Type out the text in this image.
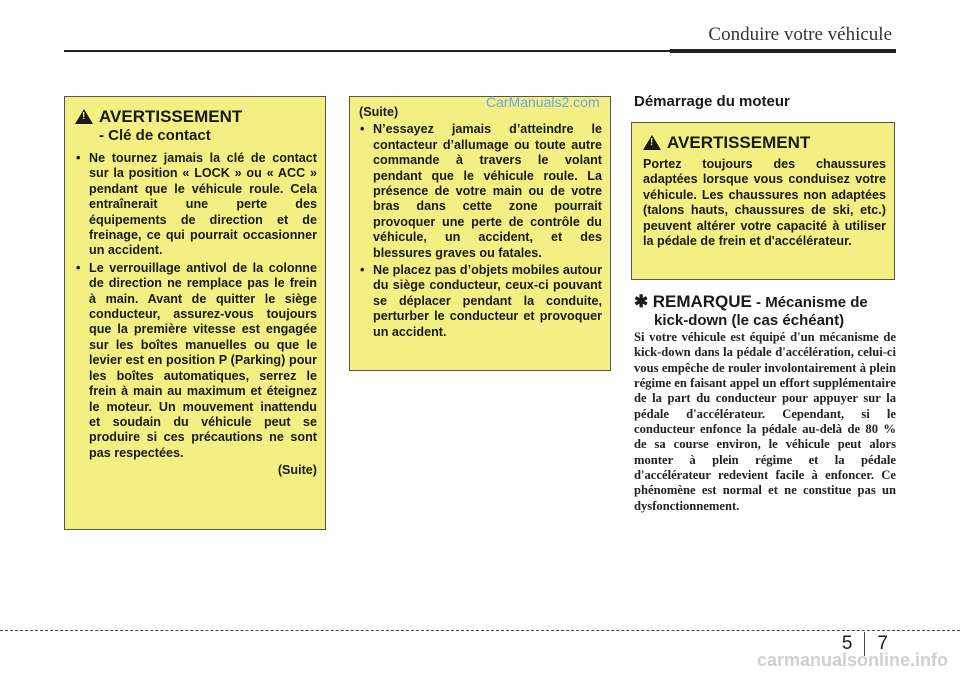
Conduire votre véhicule
! AVERTISSEMENT
- Clé de contact
• Ne tournez jamais la clé de contact sur la position « LOCK » ou « ACC » pendant que le véhicule roule. Cela entraînerait une perte des équipements de direction et de freinage, ce qui pourrait occasionner un accident.
• Le verrouillage antivol de la colonne de direction ne remplace pas le frein à main. Avant de quitter le siège conducteur, assurez-vous toujours que la première vitesse est engagée sur les boîtes manuelles ou que le levier est en position P (Parking) pour les boîtes automatiques, serrez le frein à main au maximum et éteignez le moteur. Un mouvement inattendu et soudain du véhicule peut se produire si ces précautions ne sont pas respectées.
(Suite)
(Suite)
• N’essayez jamais d’atteindre le contacteur d’allumage ou toute autre commande à travers le volant pendant que le véhicule roule. La présence de votre main ou de votre bras dans cette zone pourrait provoquer une perte de contrôle du véhicule, un accident, et des blessures graves ou fatales.
• Ne placez pas d’objets mobiles autour du siège conducteur, ceux-ci pouvant se déplacer pendant la conduite, perturber le conducteur et provoquer un accident.
CarManuals2.com Démarrage du moteur
! AVERTISSEMENT

Portez toujours des chaussures adaptées lorsque vous conduisez votre véhicule. Les chaussures non adaptées (talons hauts, chaussures de ski, etc.) peuvent altérer votre capacité à utiliser la pédale de frein et d'accélérateur.

✱ REMARQUE - Mécanisme de
kick-down (le cas échéant)

Si votre véhicule est équipé d'un mécanisme de kick-down dans la pédale d'accélération, celui-ci vous empêche de rouler involontairement à plein régime en faisant appel un effort supplémentaire de la part du conducteur pour appuyer sur la pédale d'accélérateur. Cependant, si le conducteur enfonce la pédale au-delà de 80 % de sa course environ, le véhicule peut alors monter à plein régime et la pédale d'accélérateur redevient facile à enfoncer. Ce phénomène est normal et ne constitue pas un dysfonctionnement.

5 7
carmanualsonline.info
